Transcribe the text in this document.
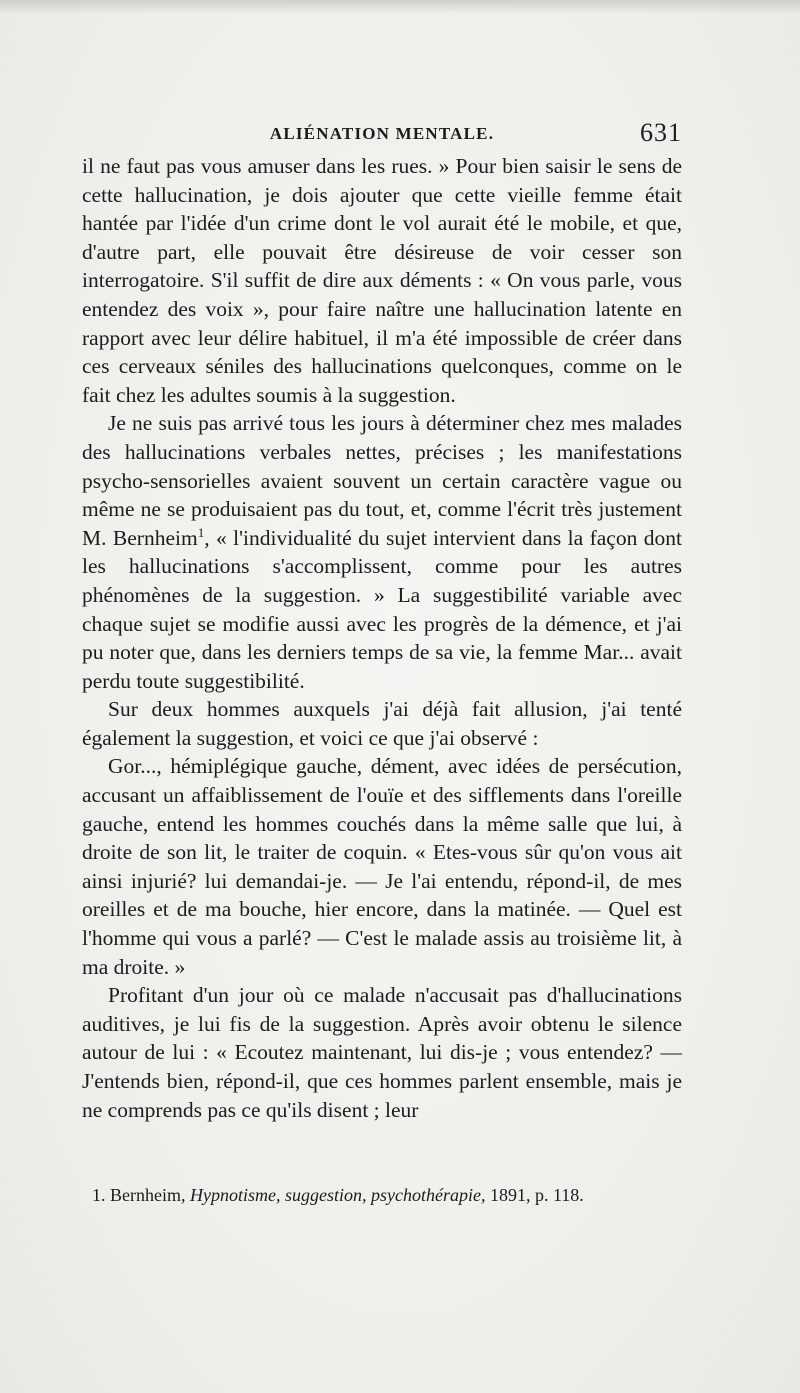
ALIÉNATION MENTALE.	631

il ne faut pas vous amuser dans les rues. » Pour bien saisir le sens de cette hallucination, je dois ajouter que cette vieille femme était hantée par l'idée d'un crime dont le vol aurait été le mobile, et que, d'autre part, elle pouvait être désireuse de voir cesser son interrogatoire. S'il suffit de dire aux déments : « On vous parle, vous entendez des voix », pour faire naître une hallucination latente en rapport avec leur délire habituel, il m'a été impossible de créer dans ces cerveaux séniles des hallucinations quelconques, comme on le fait chez les adultes soumis à la suggestion.

Je ne suis pas arrivé tous les jours à déterminer chez mes malades des hallucinations verbales nettes, précises ; les manifestations psycho-sensorielles avaient souvent un certain caractère vague ou même ne se produisaient pas du tout, et, comme l'écrit très justement M. Bernheim$^1$, « l'individualité du sujet intervient dans la façon dont les hallucinations s'accomplissent, comme pour les autres phénomènes de la suggestion. » La suggestibilité variable avec chaque sujet se modifie aussi avec les progrès de la démence, et j'ai pu noter que, dans les derniers temps de sa vie, la femme Mar... avait perdu toute suggestibilité.

Sur deux hommes auxquels j'ai déjà fait allusion, j'ai tenté également la suggestion, et voici ce que j'ai observé :

Gor..., hémiplégique gauche, dément, avec idées de persécution, accusant un affaiblissement de l'ouïe et des sifflements dans l'oreille gauche, entend les hommes couchés dans la même salle que lui, à droite de son lit, le traiter de coquin. « Etes-vous sûr qu'on vous ait ainsi injurié? lui demandai-je. — Je l'ai entendu, répond-il, de mes oreilles et de ma bouche, hier encore, dans la matinée. — Quel est l'homme qui vous a parlé? — C'est le malade assis au troisième lit, à ma droite. »

Profitant d'un jour où ce malade n'accusait pas d'hallucinations auditives, je lui fis de la suggestion. Après avoir obtenu le silence autour de lui : « Ecoutez maintenant, lui dis-je ; vous entendez? — J'entends bien, répond-il, que ces hommes parlent ensemble, mais je ne comprends pas ce qu'ils disent ; leur

1. Bernheim, Hypnotisme, suggestion, psychothérapie, 1891, p. 118.
